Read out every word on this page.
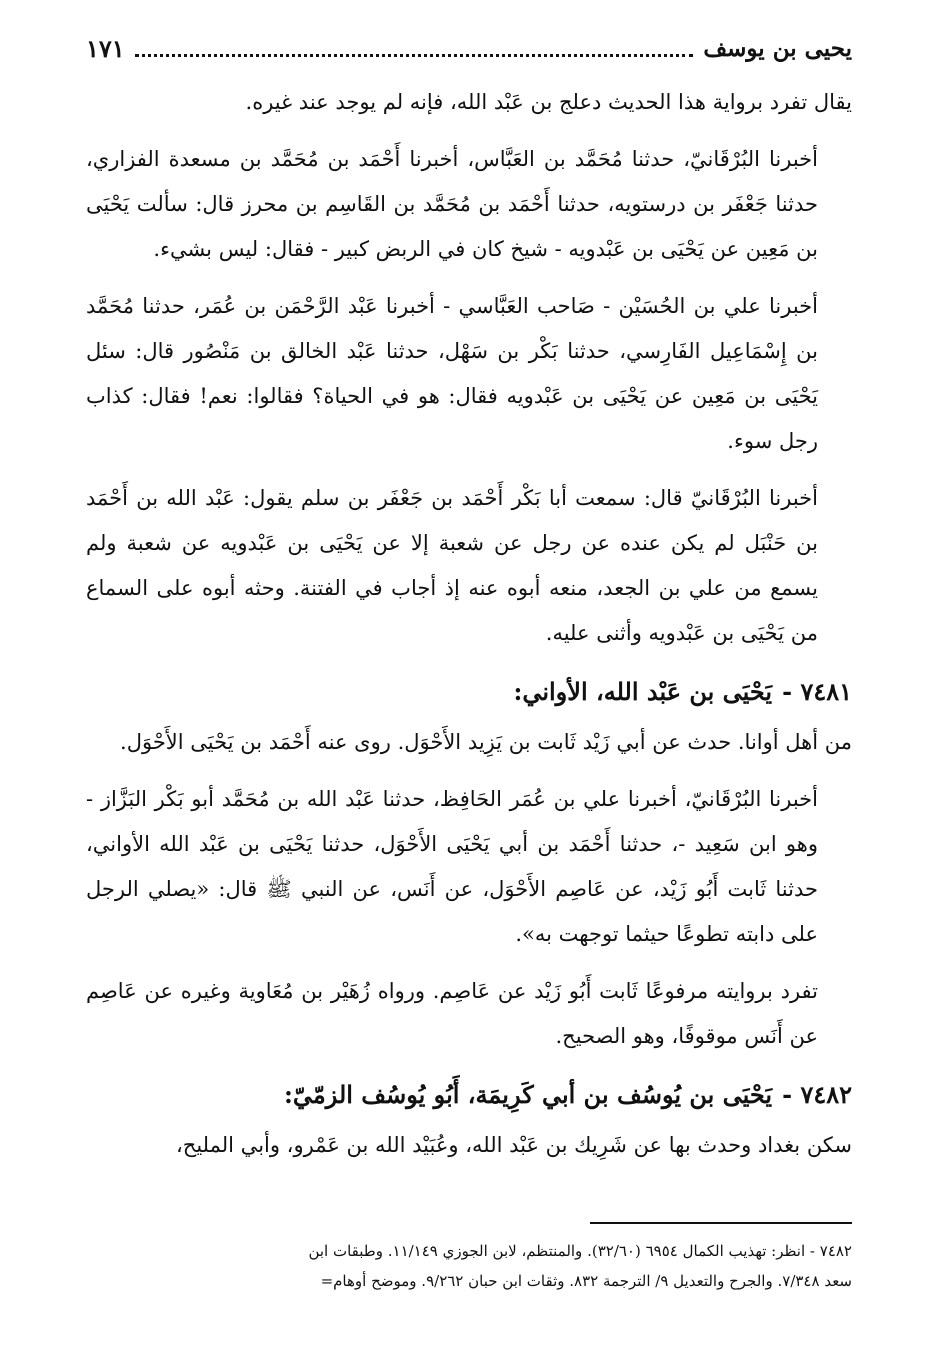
يحيى بن يوسف
١٧١

يقال تفرد برواية هذا الحديث دعلج بن عَبْد الله، فإنه لم يوجد عند غيره.

أخبرنا البُرْقَانيّ، حدثنا مُحَمَّد بن العَبَّاس، أخبرنا أَحْمَد بن مُحَمَّد بن مسعدة الفزاري، حدثنا جَعْفَر بن درستويه، حدثنا أَحْمَد بن مُحَمَّد بن القَاسِم بن محرز قال: سألت يَحْيَى بن مَعِين عن يَحْيَى بن عَبْدويه - شيخ كان في الربض كبير - فقال: ليس بشيء.

أخبرنا علي بن الحُسَيْن - صَاحب العَبَّاسي - أخبرنا عَبْد الرَّحْمَن بن عُمَر، حدثنا مُحَمَّد بن إِسْمَاعِيل الفَارِسي، حدثنا بَكْر بن سَهْل، حدثنا عَبْد الخالق بن مَنْصُور قال: سئل يَحْيَى بن مَعِين عن يَحْيَى بن عَبْدويه فقال: هو في الحياة؟ فقالوا: نعم! فقال: كذاب رجل سوء.

أخبرنا البُرْقَانيّ قال: سمعت أبا بَكْر أَحْمَد بن جَعْفَر بن سلم يقول: عَبْد الله بن أَحْمَد بن حَنْبَل لم يكن عنده عن رجل عن شعبة إلا عن يَحْيَى بن عَبْدويه عن شعبة ولم يسمع من علي بن الجعد، منعه أبوه عنه إذ أجاب في الفتنة. وحثه أبوه على السماع من يَحْيَى بن عَبْدويه وأثنى عليه.

٧٤٨١ -يَحْيَى بن عَبْد الله، الأواني:

من أهل أوانا. حدث عن أبي زَيْد ثَابت بن يَزِيد الأَحْوَل. روى عنه أَحْمَد بن يَحْيَى الأَحْوَل.

أخبرنا البُرْقَانيّ، أخبرنا علي بن عُمَر الحَافِظ، حدثنا عَبْد الله بن مُحَمَّد أبو بَكْر البَزَّاز - وهو ابن سَعِيد -، حدثنا أَحْمَد بن أبي يَحْيَى الأَحْوَل، حدثنا يَحْيَى بن عَبْد الله الأواني، حدثنا ثَابت أَبُو زَيْد، عن عَاصِم الأَحْوَل، عن أَنَس، عن النبي ﷺ قال: «يصلي الرجل على دابته تطوعًا حيثما توجهت به».

تفرد بروايته مرفوعًا ثَابت أَبُو زَيْد عن عَاصِم. ورواه زُهَيْر بن مُعَاوية وغيره عن عَاصِم عن أَنَس موقوفًا، وهو الصحيح.

٧٤٨٢ -يَحْيَى بن يُوسُف بن أبي كَرِيمَة، أَبُو يُوسُف الزمّيّ:

سكن بغداد وحدث بها عن شَرِيك بن عَبْد الله، وعُبَيْد الله بن عَمْرو، وأبي المليح،

٧٤٨٢ - انظر: تهذيب الكمال ٦٩٥٤ (٣٢/٦٠). والمنتظم، لابن الجوزي ١١/١٤٩. وطبقات ابن

سعد ٧/٣٤٨. والجرح والتعديل ٩/ الترجمة ٨٣٢. وثقات ابن حبان ٩/٢٦٢. وموضح أوهام=
